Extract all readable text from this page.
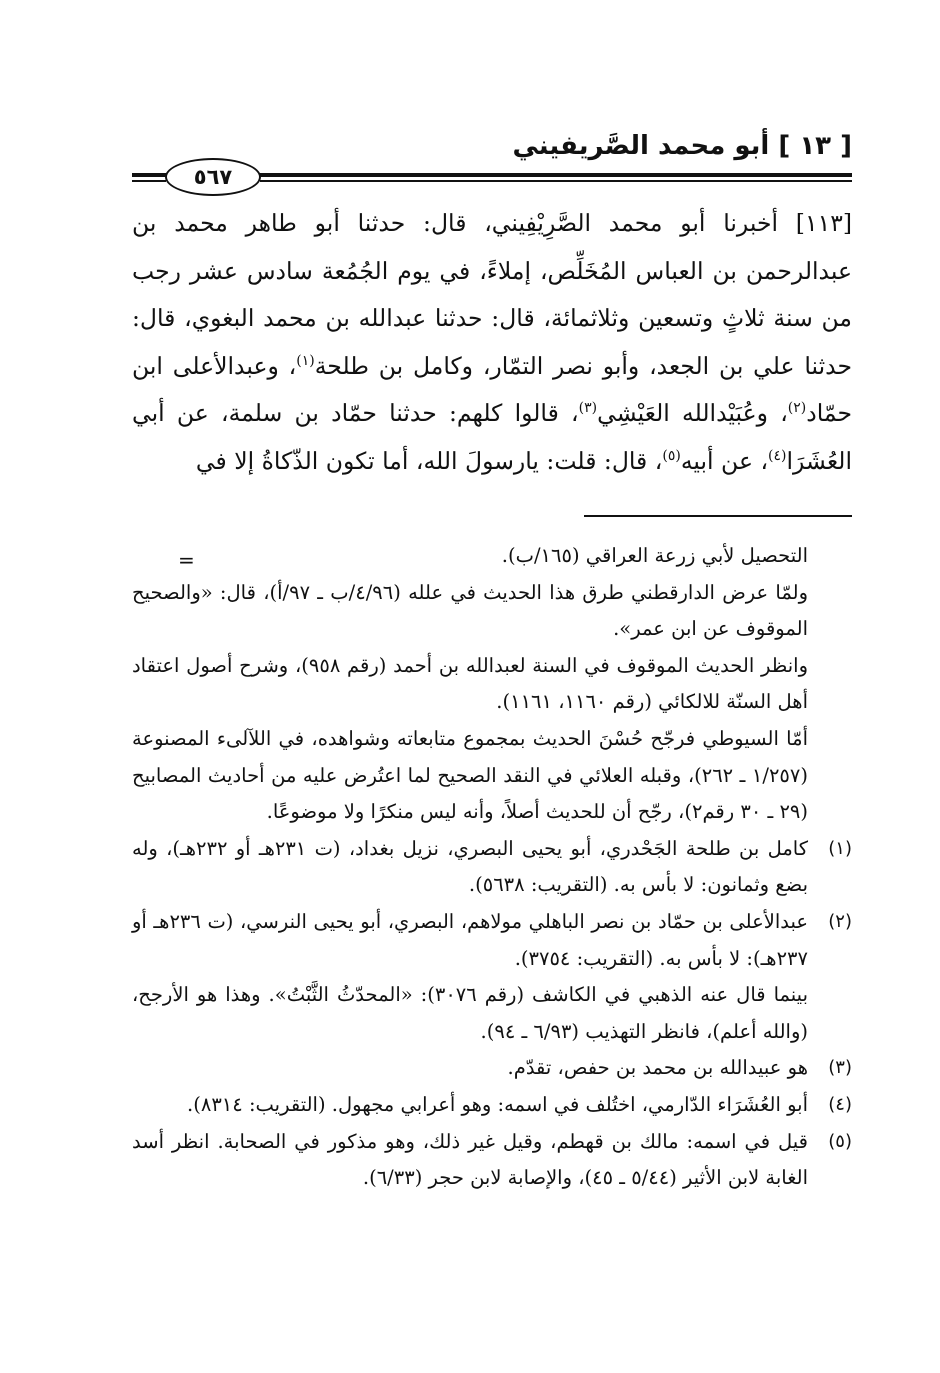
[ ١٣ ] أبو محمد الصَّريفيني
٥٦٧
[١١٣] أخبرنا أبو محمد الصَّرِيْفِيني، قال: حدثنا أبو طاهر محمد بن عبدالرحمن بن العباس المُخَلِّص، إملاءً، في يوم الجُمُعة سادس عشر رجب من سنة ثلاثٍ وتسعين وثلاثمائة، قال: حدثنا عبدالله بن محمد البغوي، قال: حدثنا علي بن الجعد، وأبو نصر التمّار، وكامل بن طلحة$^{(١)}$، وعبدالأعلى ابن حمّاد$^{(٢)}$، وعُبَيْدالله العَيْشِي$^{(٣)}$، قالوا كلهم: حدثنا حمّاد بن سلمة، عن أبي العُشَرَا$^{(٤)}$، عن أبيه$^{(٥)}$، قال: قلت: يارسولَ الله، أما تكون الذّكاةُ إلا في
=	التحصيل لأبي زرعة العراقي (١٦٥/ب).

ولمّا عرض الدارقطني طرق هذا الحديث في علله (٤/٩٦/ب ـ ٩٧/أ)، قال: «والصحيح الموقوف عن ابن عمر».

وانظر الحديث الموقوف في السنة لعبدالله بن أحمد (رقم ٩٥٨)، وشرح أصول اعتقاد أهل السنّة للالكائي (رقم ١١٦٠، ١١٦١).

أمّا السيوطي فرجّح حُسْنَ الحديث بمجموع متابعاته وشواهده، في اللآلىء المصنوعة (١/٢٥٧ ـ ٢٦٢)، وقبله العلائي في النقد الصحيح لما اعتُرض عليه من أحاديث المصابيح (٢٩ ـ ٣٠ رقم٢)، رجّح أن للحديث أصلاً، وأنه ليس منكرًا ولا موضوعًا.

(١)

كامل بن طلحة الجَحْدري، أبو يحيى البصري، نزيل بغداد، (ت ٢٣١هـ أو ٢٣٢هـ)، وله بضع وثمانون: لا بأس به. (التقريب: ٥٦٣٨).

(٢)

عبدالأعلى بن حمّاد بن نصر الباهلي مولاهم، البصري، أبو يحيى النرسي، (ت ٢٣٦هـ أو ٢٣٧هـ): لا بأس به. (التقريب: ٣٧٥٤).

بينما قال عنه الذهبي في الكاشف (رقم ٣٠٧٦): «المحدّثُ الثَّبْتُ». وهذا هو الأرجح، (والله أعلم)، فانظر التهذيب (٦/٩٣ ـ ٩٤).

(٣)

هو عبيدالله بن محمد بن حفص، تقدّم.

(٤)

أبو العُشَرَاء الدّارمي، اختُلف في اسمه: وهو أعرابي مجهول. (التقريب: ٨٣١٤).

(٥)

قيل في اسمه: مالك بن قهطم، وقيل غير ذلك، وهو مذكور في الصحابة. انظر أسد الغابة لابن الأثير (٥/٤٤ ـ ٤٥)، والإصابة لابن حجر (٦/٣٣).
